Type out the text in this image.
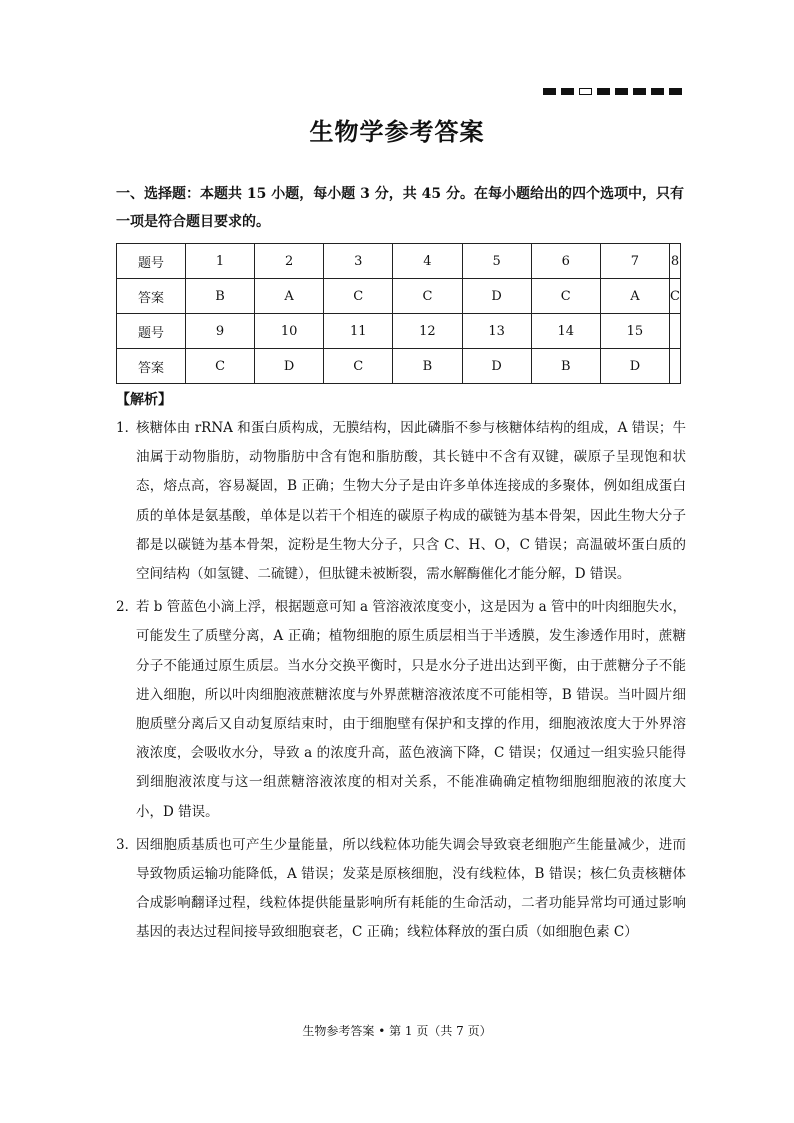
生物学参考答案
一、选择题：本题共 15 小题，每小题 3 分，共 45 分。在每小题给出的四个选项中，只有一项是符合题目要求的。
题号	1	2	3	4	5	6	7	8
答案	B	A	C	C	D	C	A	C
题号	9	10	11	12	13	14	15	
答案	C	D	C	B	D	B	D	
【解析】
1．
核糖体由 rRNA 和蛋白质构成，无膜结构，因此磷脂不参与核糖体结构的组成，A 错误；牛油属于动物脂肪，动物脂肪中含有饱和脂肪酸，其长链中不含有双键，碳原子呈现饱和状态，熔点高，容易凝固，B 正确；生物大分子是由许多单体连接成的多聚体，例如组成蛋白质的单体是氨基酸，单体是以若干个相连的碳原子构成的碳链为基本骨架，因此生物大分子都是以碳链为基本骨架，淀粉是生物大分子，只含 C、H、O，C 错误；高温破坏蛋白质的空间结构（如氢键、二硫键），但肽键未被断裂，需水解酶催化才能分解，D 错误。
2．
若 b 管蓝色小滴上浮，根据题意可知 a 管溶液浓度变小，这是因为 a 管中的叶肉细胞失水，可能发生了质壁分离，A 正确；植物细胞的原生质层相当于半透膜，发生渗透作用时，蔗糖分子不能通过原生质层。当水分交换平衡时，只是水分子进出达到平衡，由于蔗糖分子不能进入细胞，所以叶肉细胞液蔗糖浓度与外界蔗糖溶液浓度不可能相等，B 错误。当叶圆片细胞质壁分离后又自动复原结束时，由于细胞壁有保护和支撑的作用，细胞液浓度大于外界溶液浓度，会吸收水分，导致 a 的浓度升高，蓝色液滴下降，C 错误；仅通过一组实验只能得到细胞液浓度与这一组蔗糖溶液浓度的相对关系，不能准确确定植物细胞细胞液的浓度大小，D 错误。
3．
因细胞质基质也可产生少量能量，所以线粒体功能失调会导致衰老细胞产生能量减少，进而导致物质运输功能降低，A 错误；发菜是原核细胞，没有线粒体，B 错误；核仁负责核糖体合成影响翻译过程，线粒体提供能量影响所有耗能的生命活动，二者功能异常均可通过影响基因的表达过程间接导致细胞衰老，C 正确；线粒体释放的蛋白质（如细胞色素 C）
生物参考答案 • 第 1 页（共 7 页）
